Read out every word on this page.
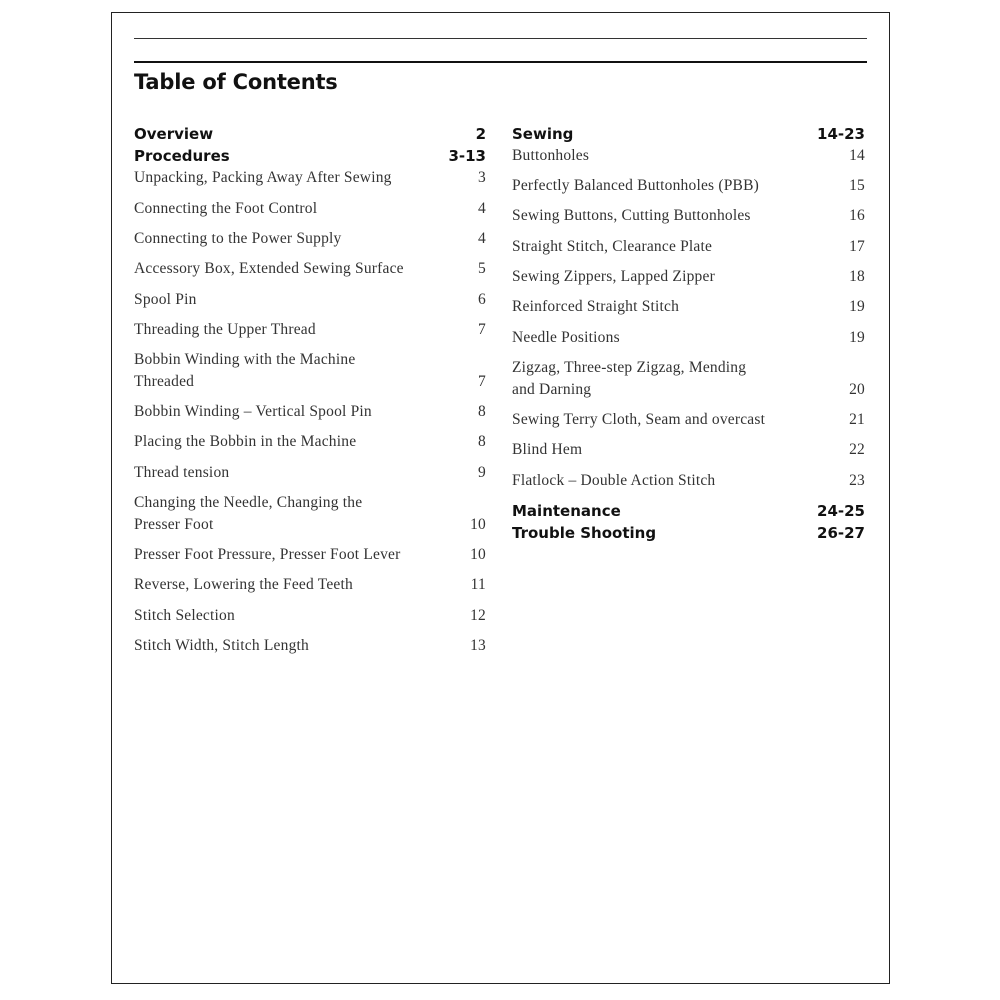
Table of Contents
Overview	2
Procedures	3-13
Unpacking, Packing Away After Sewing	3
Connecting the Foot Control	4
Connecting to the Power Supply	4
Accessory Box, Extended Sewing Surface	5
Spool Pin	6
Threading the Upper Thread	7
Bobbin Winding with the Machine
Threaded	7
Bobbin Winding – Vertical Spool Pin	8
Placing the Bobbin in the Machine	8
Thread tension	9
Changing the Needle, Changing the
Presser Foot	10
Presser Foot Pressure, Presser Foot Lever	10
Reverse, Lowering the Feed Teeth	11
Stitch Selection	12
Stitch Width, Stitch Length	13
Sewing	14-23
Buttonholes	14
Perfectly Balanced Buttonholes (PBB)	15
Sewing Buttons, Cutting Buttonholes	16
Straight Stitch, Clearance Plate	17
Sewing Zippers, Lapped Zipper	18
Reinforced Straight Stitch	19
Needle Positions	19
Zigzag, Three-step Zigzag, Mending
and Darning	20
Sewing Terry Cloth, Seam and overcast	21
Blind Hem	22
Flatlock – Double Action Stitch	23
Maintenance	24-25
Trouble Shooting	26-27
